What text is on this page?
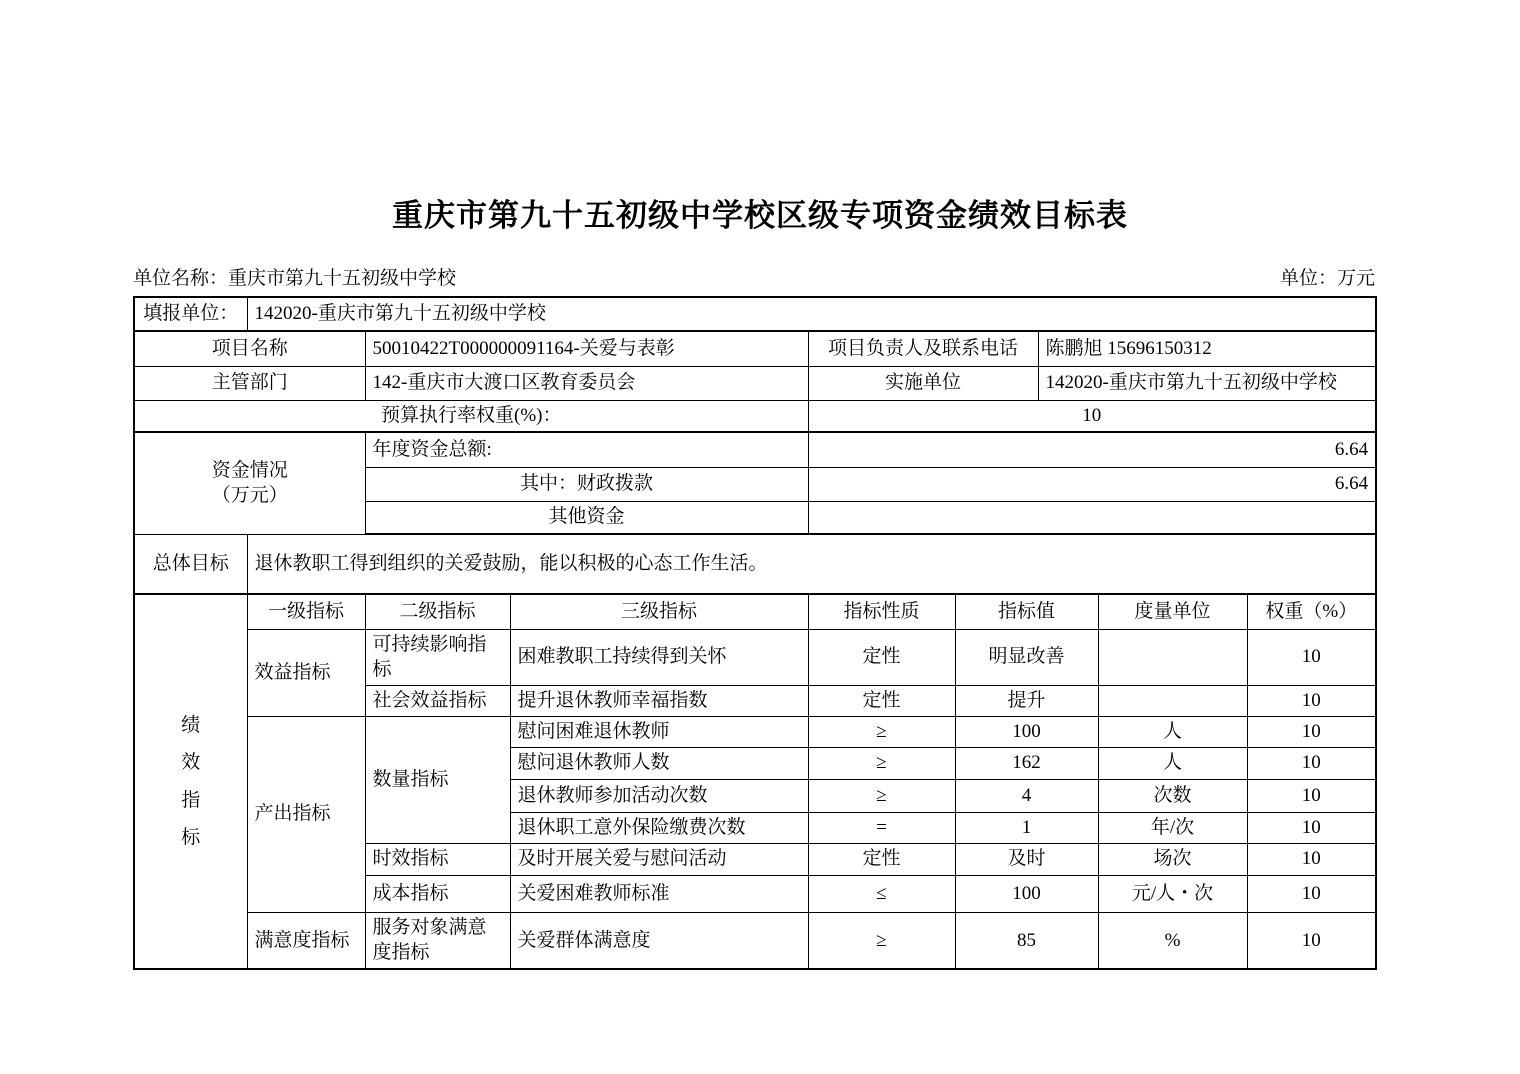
重庆市第九十五初级中学校区级专项资金绩效目标表
单位名称：重庆市第九十五初级中学校	单位：万元
填报单位：	142020-重庆市第九十五初级中学校							
项目名称		50010422T000000091164-关爱与表彰		项目负责人及联系电话		陈鹏旭 15696150312		
主管部门		142-重庆市大渡口区教育委员会		实施单位		142020-重庆市第九十五初级中学校		
预算执行率权重(%)：				10				

资金情况
（万元）		年度资金总额:		6.64				
		其中：财政拨款		6.64				
		其他资金						
总体目标	退休教职工得到组织的关爱鼓励，能以积极的心态工作生活。							

绩效指标	一级指标	二级指标	三级指标	指标性质	指标值		度量单位	权重（%）
	效益指标	可持续影响指标	困难教职工持续得到关怀	定性	明显改善			10
		社会效益指标	提升退休教师幸福指数	定性	提升			10
	产出指标	数量指标	慰问困难退休教师	≥	100		人	10
			慰问退休教师人数	≥	162		人	10
			退休教师参加活动次数	≥	4		次数	10
			退休职工意外保险缴费次数	=	1		年/次	10
		时效指标	及时开展关爱与慰问活动	定性	及时		场次	10
		成本指标	关爱困难教师标准	≤	100		元/人・次	10
	满意度指标	服务对象满意度指标	关爱群体满意度	≥	85		%	10
